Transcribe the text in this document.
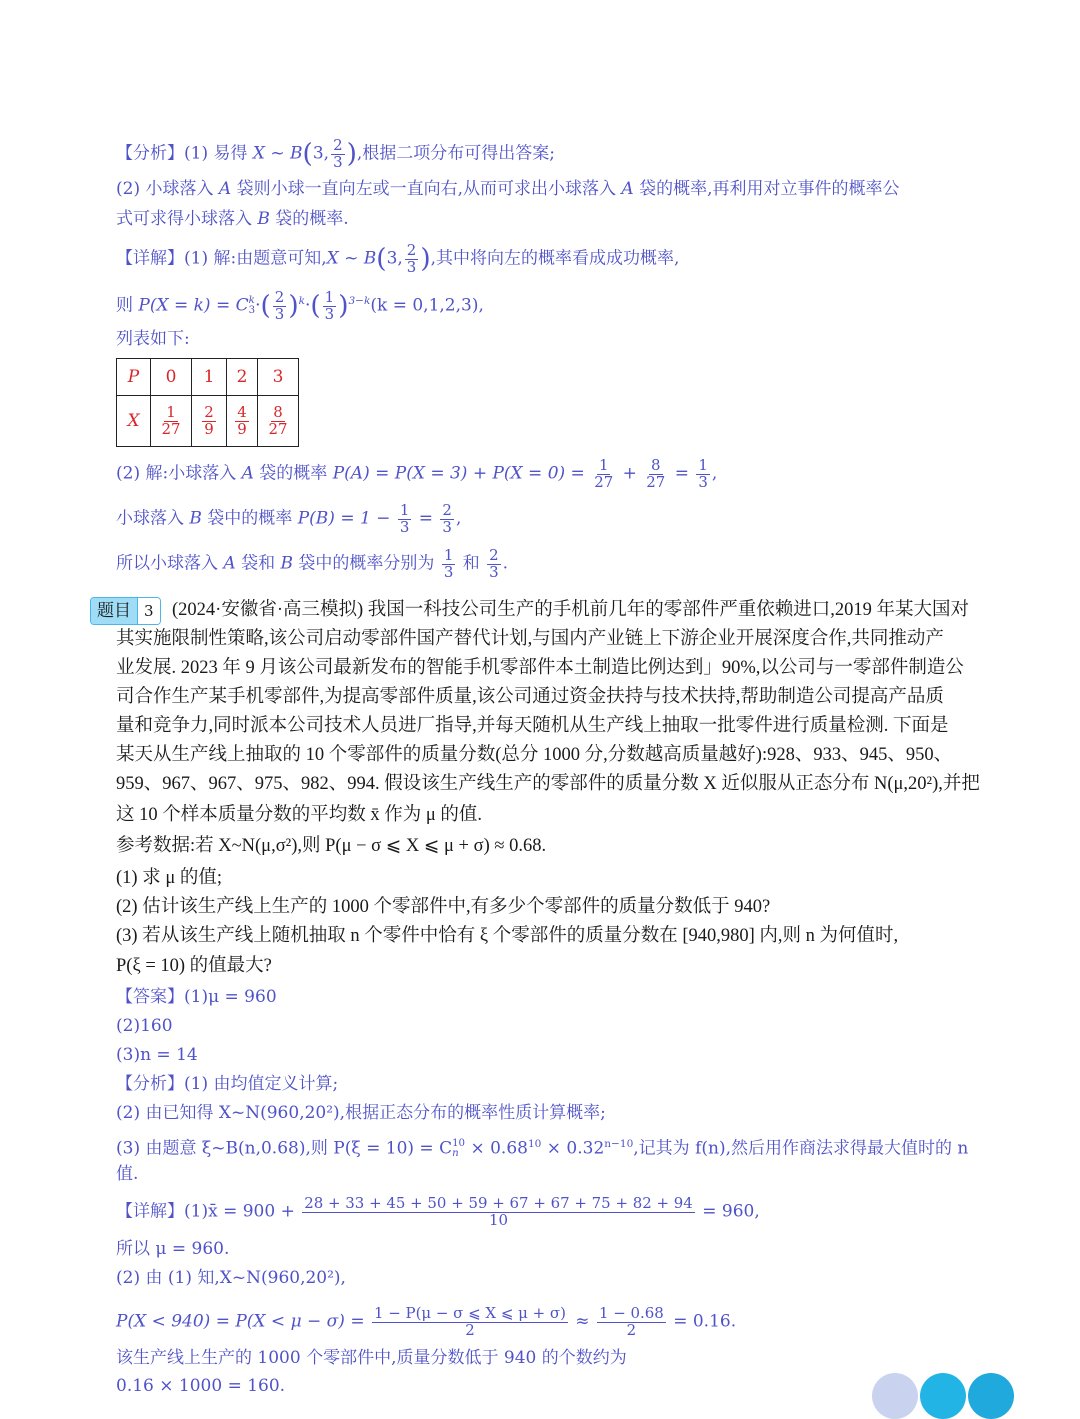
【分析】(1) 易得 X ~ B(3, $\frac{2}{3}$ ),根据二项分布可得出答案;
(2) 小球落入 A 袋则小球一直向左或一直向右,从而可求出小球落入 A 袋的概率,再利用对立事件的概率公
式可求得小球落入 B 袋的概率.
【详解】(1) 解:由题意可知,X ~ B(3, $\frac{2}{3}$ ),其中将向左的概率看成成功概率,
则 P(X = k) = C k
3 ·( $\frac{2}{3} )^k\cdot( \frac{1}{3} )^{3-k}(k = 0,1,2,3)$,
列表如下:
P	0	1	2	3
X	$\frac{1}{27}$	$\frac{2}{9}$	$\frac{4}{9}$	$\frac{8}{27}$
(2) 解:小球落入 A 袋的概率 $P(A) = P(X = 3) + P(X = 0) = \frac{1}{27} + \frac{8}{27} = \frac{1}{3}$ ,
小球落入 B 袋中的概率 $P(B) = 1 - \frac{1}{3} = \frac{2}{3}$ ,
所以小球落入 A 袋和 B 袋中的概率分别为 $\frac{1}{3}$ 和 $\frac{2}{3}$ .
题目 3 (2024·安徽省·高三模拟) 我国一科技公司生产的手机前几年的零部件严重依赖进口,2019 年某大国对
其实施限制性策略,该公司启动零部件国产替代计划,与国内产业链上下游企业开展深度合作,共同推动产
业发展. 2023 年 9 月该公司最新发布的智能手机零部件本土制造比例达到」90%,以公司与一零部件制造公
司合作生产某手机零部件,为提高零部件质量,该公司通过资金扶持与技术扶持,帮助制造公司提高产品质
量和竞争力,同时派本公司技术人员进厂指导,并每天随机从生产线上抽取一批零件进行质量检测. 下面是
某天从生产线上抽取的 10 个零部件的质量分数(总分 1000 分,分数越高质量越好):928、933、945、950、
959、967、967、975、982、994. 假设该生产线生产的零部件的质量分数 X 近似服从正态分布 N(μ,20²),并把
这 10 个样本质量分数的平均数 x̄ 作为 μ 的值.
参考数据:若 X~N(μ,σ²),则 P(μ − σ ⩽ X ⩽ μ + σ) ≈ 0.68.
(1) 求 μ 的值;
(2) 估计该生产线上生产的 1000 个零部件中,有多少个零部件的质量分数低于 940?
(3) 若从该生产线上随机抽取 n 个零件中恰有 ξ 个零部件的质量分数在 [940,980] 内,则 n 为何值时,
P(ξ = 10) 的值最大?
【答案】(1)μ = 960
(2)160
(3)n = 14
【分析】(1) 由均值定义计算;
(2) 由已知得 X~N(960,20²),根据正态分布的概率性质计算概率;
(3) 由题意 ξ~B(n,0.68),则 P(ξ = 10) = C 10
$n \times 0.68^{10} \times 0.32^{n-10}$,记其为 f(n),然后用作商法求得最大值时的 n
值.
【详解】(1)x̄ = $900 + \frac{28 + 33 + 45 + 50 + 59 + 67 + 67 + 75 + 82 + 94}{10} = 960$,
所以 μ = 960.
(2) 由 (1) 知,X~N(960,20²),
$P(X < 940) = P(X < \mu - \sigma) = \frac{1 - P(\mu - \sigma ⩽ X ⩽ \mu + \sigma)}{2} \approx \frac{1 - 0.68}{2} = 0.16$.
该生产线上生产的 1000 个零部件中,质量分数低于 940 的个数约为
0.16 × 1000 = 160.
